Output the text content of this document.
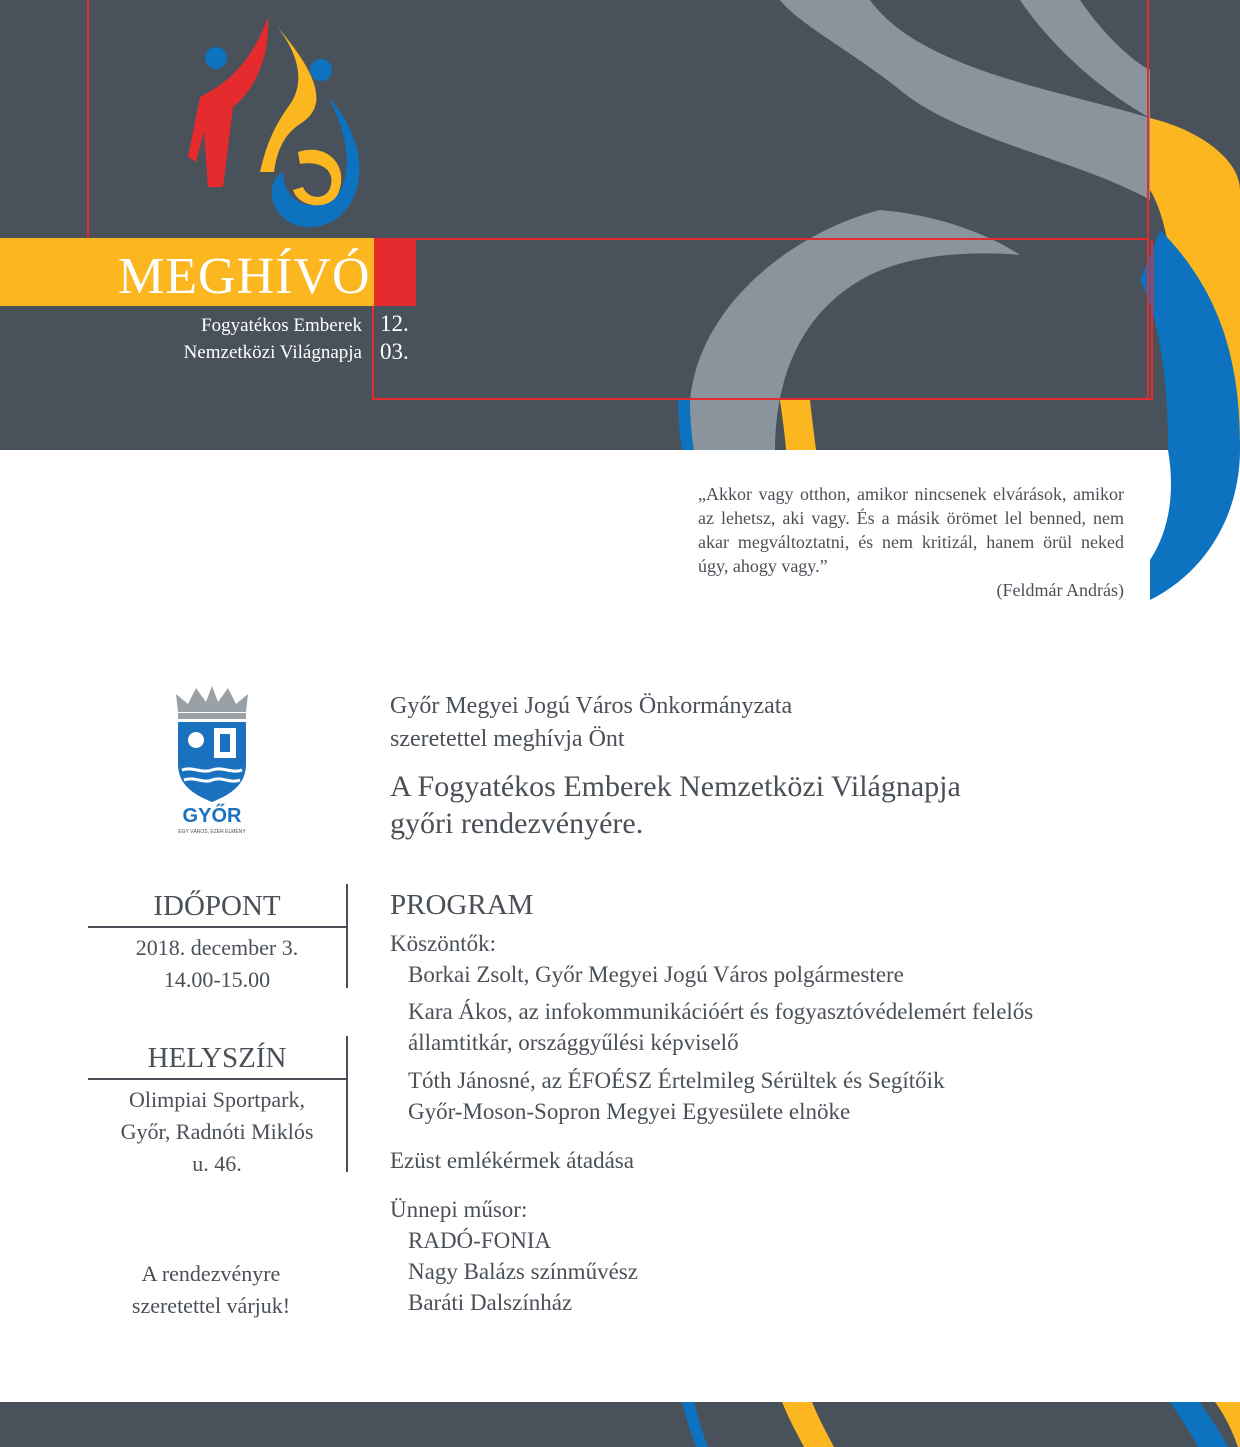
MEGHÍVÓ
Fogyatékos Emberek
Nemzetközi Világnapja
12.
03.
„Akkor vagy otthon, amikor nincsenek elvárások, amikor az lehetsz, aki vagy. És a másik örömet lel benned, nem akar megváltoztatni, és nem kritizál, hanem örül neked úgy, ahogy vagy.”
(Feldmár András)
GYŐR
EGY VÁROS, EZER ÉLMÉNY
Győr Megyei Jogú Város Önkormányzata
szeretettel meghívja Önt
A Fogyatékos Emberek Nemzetközi Világnapja
győri rendezvényére.
IDŐPONT
2018. december 3.
14.00-15.00
HELYSZÍN
Olimpiai Sportpark,
Győr, Radnóti Miklós
u. 46.
A rendezvényre
szeretettel várjuk!
PROGRAM
Köszöntők:
Borkai Zsolt, Győr Megyei Jogú Város polgármestere
Kara Ákos, az infokommunikációért és fogyasztóvédelemért felelős
államtitkár, országgyűlési képviselő
Tóth Jánosné, az ÉFOÉSZ Értelmileg Sérültek és Segítőik
Győr-Moson-Sopron Megyei Egyesülete elnöke
Ezüst emlékérmek átadása
Ünnepi műsor:
RADÓ-FONIA
Nagy Balázs színművész
Baráti Dalszínház
